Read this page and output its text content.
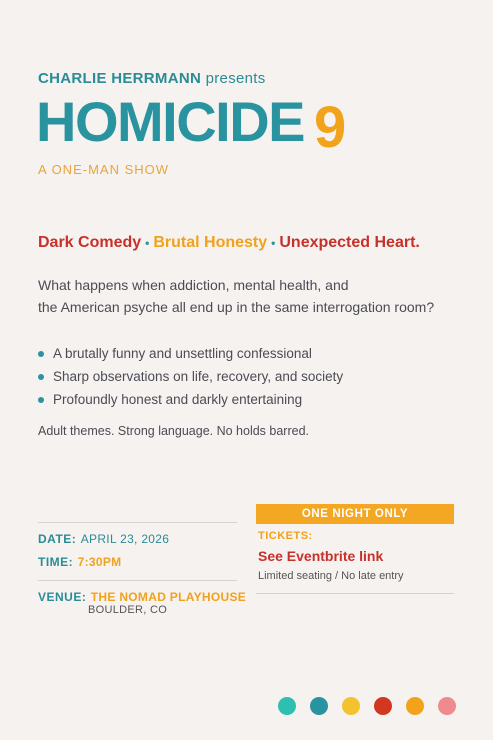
CHARLIE HERRMANN presents
HOMICIDE 9
A ONE-MAN SHOW
Dark Comedy • Brutal Honesty • Unexpected Heart.
What happens when addiction, mental health, and
the American psyche all end up in the same interrogation room?
A brutally funny and unsettling confessional
Sharp observations on life, recovery, and society
Profoundly honest and darkly entertaining
Adult themes. Strong language. No holds barred.
DATE: APRIL 23, 2026
TIME: 7:30PM
VENUE: THE NOMAD PLAYHOUSE
BOULDER, CO
ONE NIGHT ONLY
TICKETS:
See Eventbrite link
Limited seating / No late entry
